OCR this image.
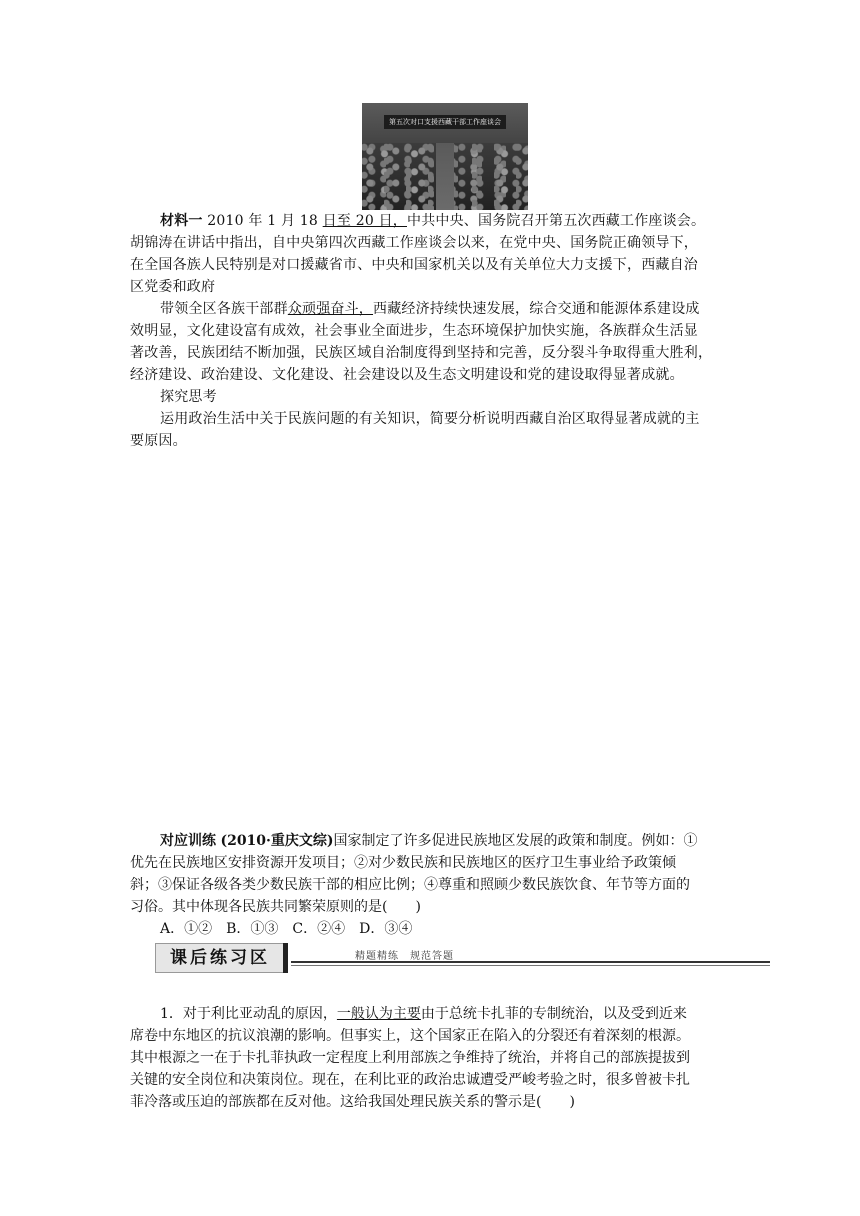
第五次对口支援西藏干部工作座谈会
材料一 2010 年 1 月 18 日至 20 日，中共中央、国务院召开第五次西藏工作座谈会。
胡锦涛在讲话中指出，自中央第四次西藏工作座谈会以来，在党中央、国务院正确领导下，
在全国各族人民特别是对口援藏省市、中央和国家机关以及有关单位大力支援下，西藏自治
区党委和政府
带领全区各族干部群众顽强奋斗，西藏经济持续快速发展，综合交通和能源体系建设成
效明显，文化建设富有成效，社会事业全面进步，生态环境保护加快实施，各族群众生活显
著改善，民族团结不断加强，民族区域自治制度得到坚持和完善，反分裂斗争取得重大胜利，
经济建设、政治建设、文化建设、社会建设以及生态文明建设和党的建设取得显著成就。
探究思考
运用政治生活中关于民族问题的有关知识，简要分析说明西藏自治区取得显著成就的主
要原因。
对应训练 (2010·重庆文综)国家制定了许多促进民族地区发展的政策和制度。例如：①
优先在民族地区安排资源开发项目；②对少数民族和民族地区的医疗卫生事业给予政策倾
斜；③保证各级各类少数民族干部的相应比例；④尊重和照顾少数民族饮食、年节等方面的
习俗。其中体现各民族共同繁荣原则的是(　　)
A．①②　B．①③　C．②④　D．③④
课后练习区	精题精练　规范答题
1．对于利比亚动乱的原因，一般认为主要由于总统卡扎菲的专制统治，以及受到近来
席卷中东地区的抗议浪潮的影响。但事实上，这个国家正在陷入的分裂还有着深刻的根源。
其中根源之一在于卡扎菲执政一定程度上利用部族之争维持了统治，并将自己的部族提拔到
关键的安全岗位和决策岗位。现在，在利比亚的政治忠诚遭受严峻考验之时，很多曾被卡扎
菲冷落或压迫的部族都在反对他。这给我国处理民族关系的警示是(　　)
